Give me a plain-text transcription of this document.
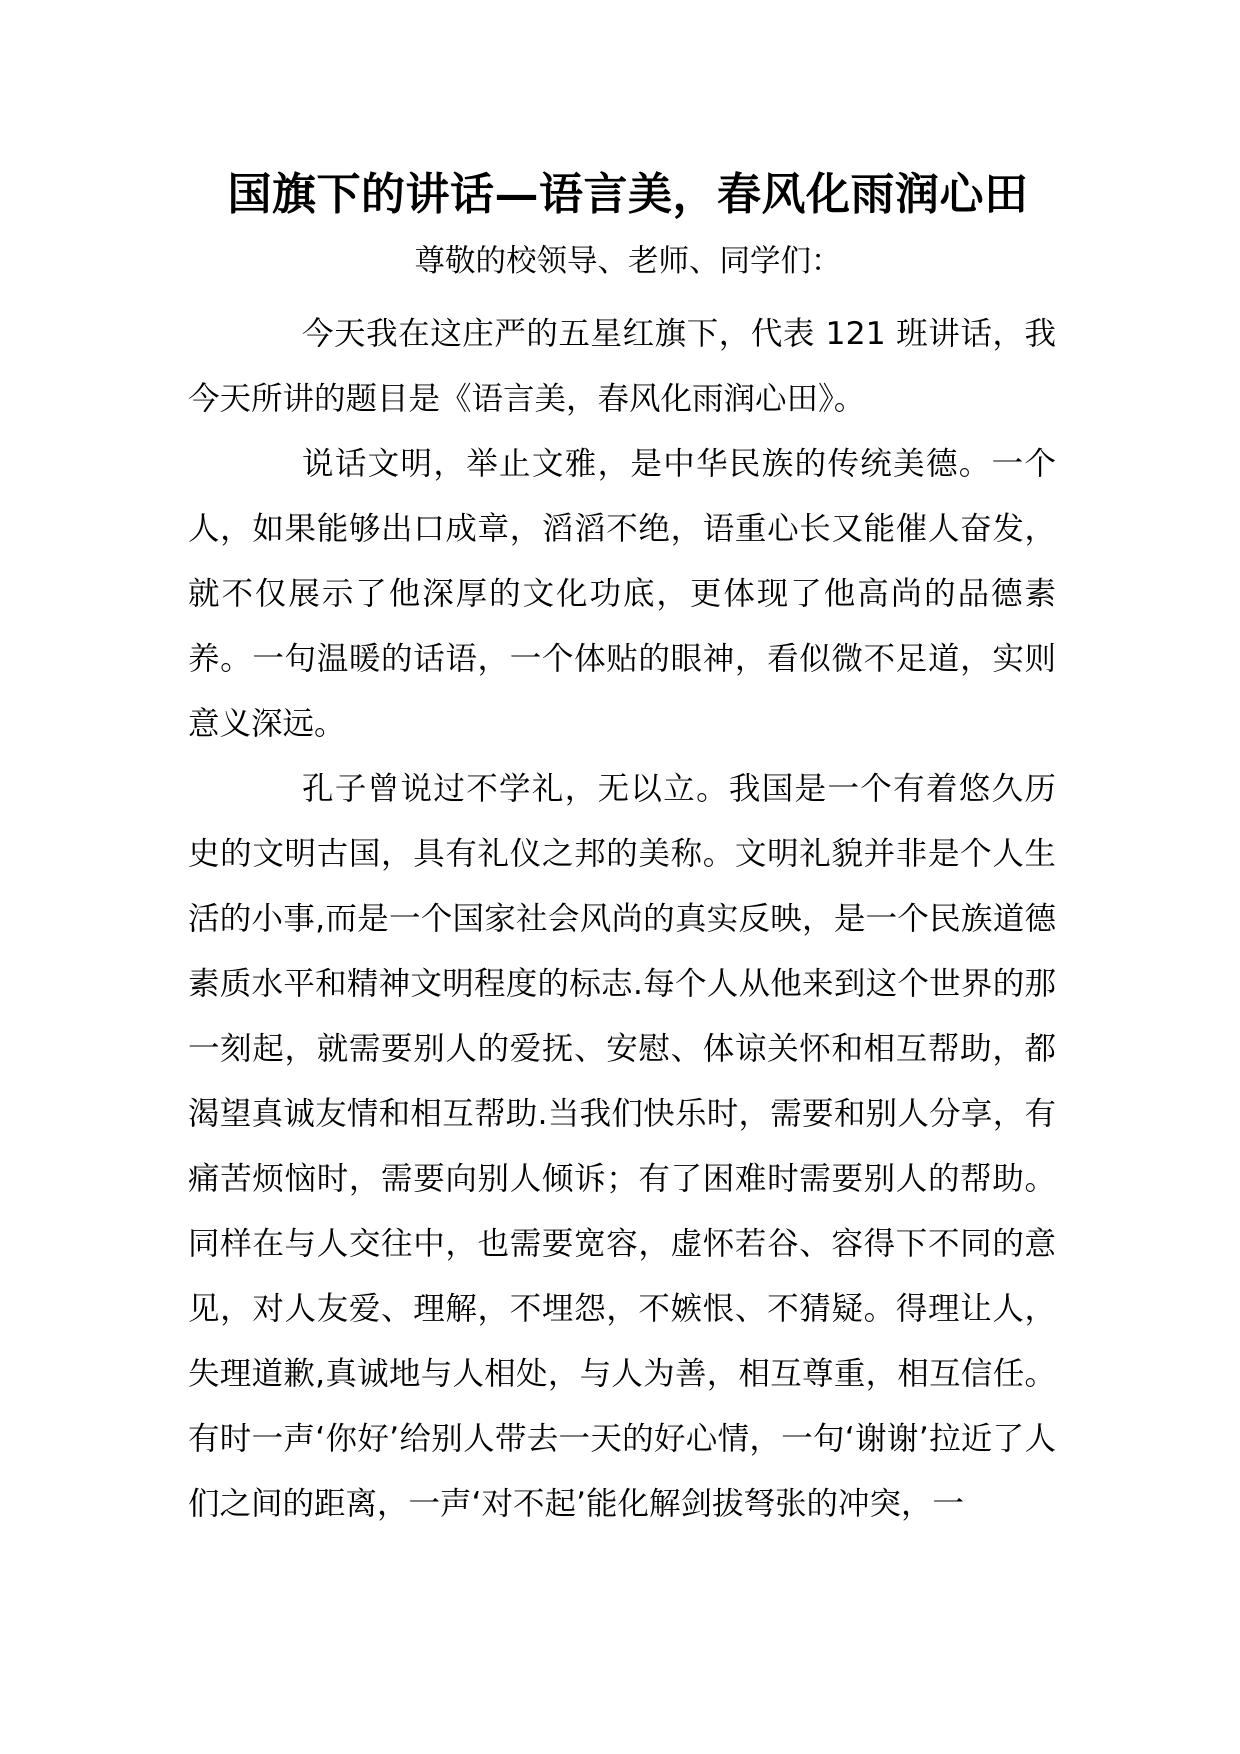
国旗下的讲话—语言美，春风化雨润心田

尊敬的校领导、老师、同学们：

今天我在这庄严的五星红旗下，代表 121 班讲话，我今天所讲的题目是《语言美，春风化雨润心田》。

说话文明，举止文雅，是中华民族的传统美德。一个人，如果能够出口成章，滔滔不绝，语重心长又能催人奋发，就不仅展示了他深厚的文化功底，更体现了他高尚的品德素养。一句温暖的话语，一个体贴的眼神，看似微不足道，实则意义深远。

孔子曾说过不学礼，无以立。我国是一个有着悠久历史的文明古国，具有礼仪之邦的美称。文明礼貌并非是个人生活的小事,而是一个国家社会风尚的真实反映，是一个民族道德素质水平和精神文明程度的标志.每个人从他来到这个世界的那一刻起，就需要别人的爱抚、安慰、体谅关怀和相互帮助，都渴望真诚友情和相互帮助.当我们快乐时，需要和别人分享，有痛苦烦恼时，需要向别人倾诉；有了困难时需要别人的帮助。同样在与人交往中，也需要宽容，虚怀若谷、容得下不同的意见，对人友爱、理解，不埋怨，不嫉恨、不猜疑。得理让人，失理道歉,真诚地与人相处，与人为善，相互尊重，相互信任。有时一声‘你好’给别人带去一天的好心情，一句‘谢谢’拉近了人们之间的距离，一声‘对不起’能化解剑拔弩张的冲突，一
